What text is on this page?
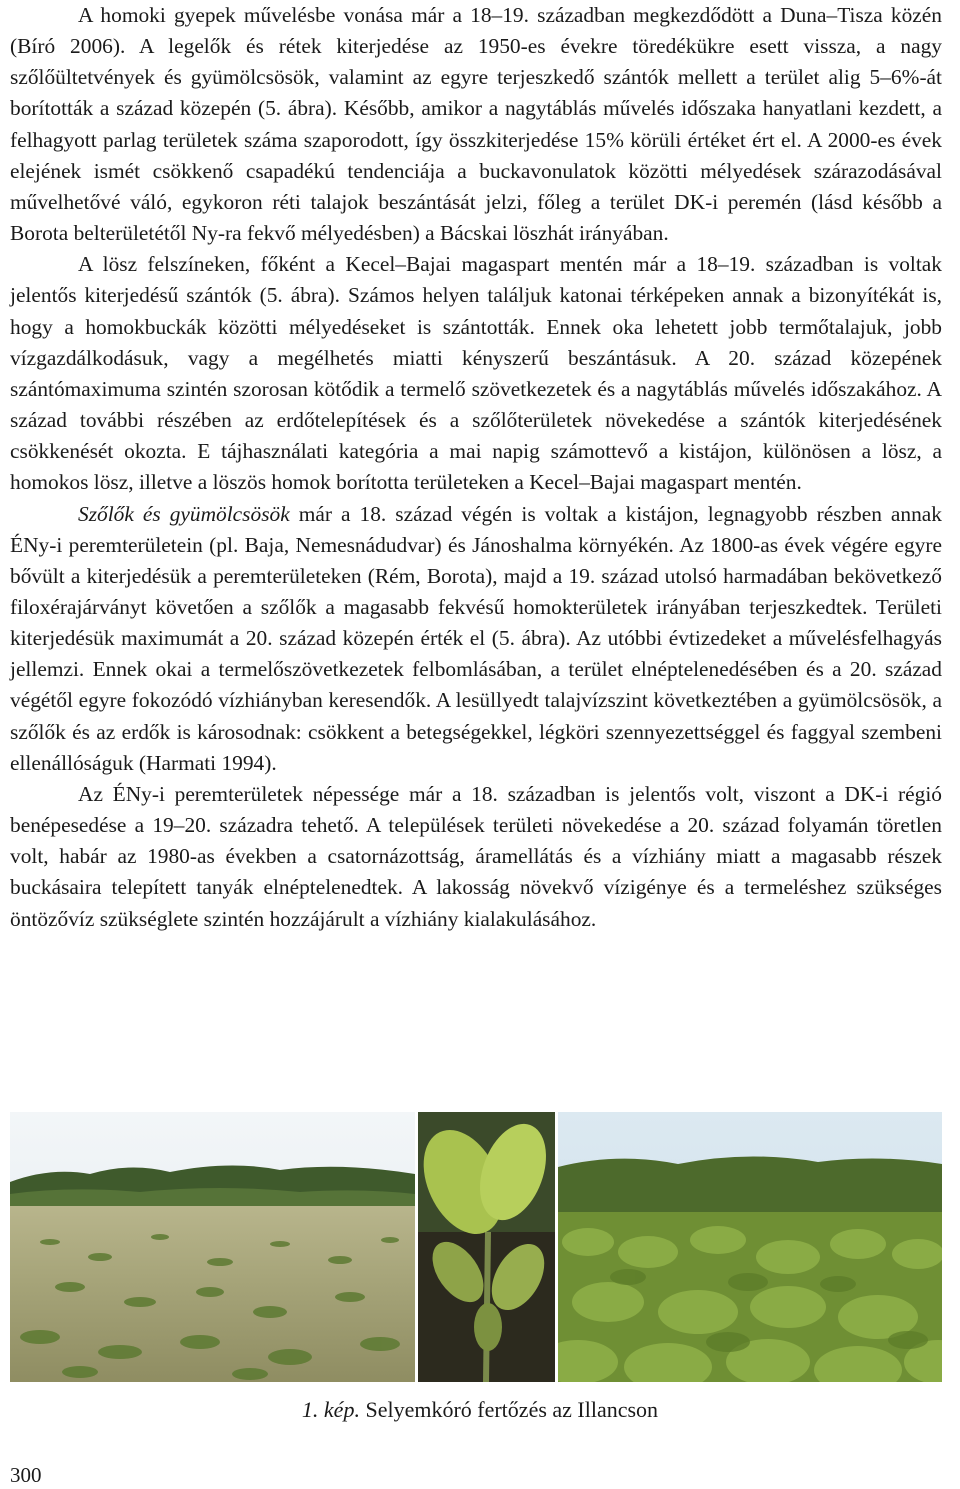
A homoki gyepek művelésbe vonása már a 18–19. században megkezdődött a Duna–Tisza közén (Bíró 2006). A legelők és rétek kiterjedése az 1950-es évekre töredékükre esett vissza, a nagy szőlőültetvények és gyümölcsösök, valamint az egyre terjeszkedő szántók mellett a terület alig 5–6%-át borították a század közepén (5. ábra). Később, amikor a nagytáblás művelés időszaka hanyatlani kezdett, a felhagyott parlag területek száma szaporodott, így összkiterjedése 15% körüli értéket ért el. A 2000-es évek elejének ismét csökkenő csapadékú tendenciája a buckavonulatok közötti mélyedések szárazodásával művelhetővé váló, egykoron réti talajok beszántását jelzi, főleg a terület DK-i peremén (lásd később a Borota belterületétől Ny-ra fekvő mélyedésben) a Bácskai löszhát irányában.

A lösz felszíneken, főként a Kecel–Bajai magaspart mentén már a 18–19. században is voltak jelentős kiterjedésű szántók (5. ábra). Számos helyen találjuk katonai térképeken annak a bizonyítékát is, hogy a homokbuckák közötti mélyedéseket is szántották. Ennek oka lehetett jobb termőtalajuk, jobb vízgazdálkodásuk, vagy a megélhetés miatti kényszerű beszántásuk. A 20. század közepének szántómaximuma szintén szorosan kötődik a termelő szövetkezetek és a nagytáblás művelés időszakához. A század további részében az erdőtelepítések és a szőlőterületek növekedése a szántók kiterjedésének csökkenését okozta. E tájhasználati kategória a mai napig számottevő a kistájon, különösen a lösz, a homokos lösz, illetve a löszös homok borította területeken a Kecel–Bajai magaspart mentén.

Szőlők és gyümölcsösök már a 18. század végén is voltak a kistájon, legnagyobb részben annak ÉNy-i peremterületein (pl. Baja, Nemesnádudvar) és Jánoshalma környékén. Az 1800-as évek végére egyre bővült a kiterjedésük a peremterületeken (Rém, Borota), majd a 19. század utolsó harmadában bekövetkező filoxérajárványt követően a szőlők a magasabb fekvésű homokterületek irányában terjeszkedtek. Területi kiterjedésük maximumát a 20. század közepén érték el (5. ábra). Az utóbbi évtizedeket a művelésfelhagyás jellemzi. Ennek okai a termelőszövetkezetek felbomlásában, a terület elnéptelenedésében és a 20. század végétől egyre fokozódó vízhiányban keresendők. A lesüllyedt talajvízszint következtében a gyümölcsösök, a szőlők és az erdők is károsodnak: csökkent a betegségekkel, légköri szennyezettséggel és faggyal szembeni ellenállóságuk (Harmati 1994).

Az ÉNy-i peremterületek népessége már a 18. században is jelentős volt, viszont a DK-i régió benépesedése a 19–20. századra tehető. A települések területi növekedése a 20. század folyamán töretlen volt, habár az 1980-as években a csatornázottság, áramellátás és a vízhiány miatt a magasabb részek buckásaira telepített tanyák elnéptelenedtek. A lakosság növekvő vízigénye és a termeléshez szükséges öntözővíz szükséglete szintén hozzájárult a vízhiány kialakulásához.

1. kép. Selyemkóró fertőzés az Illancson
300
